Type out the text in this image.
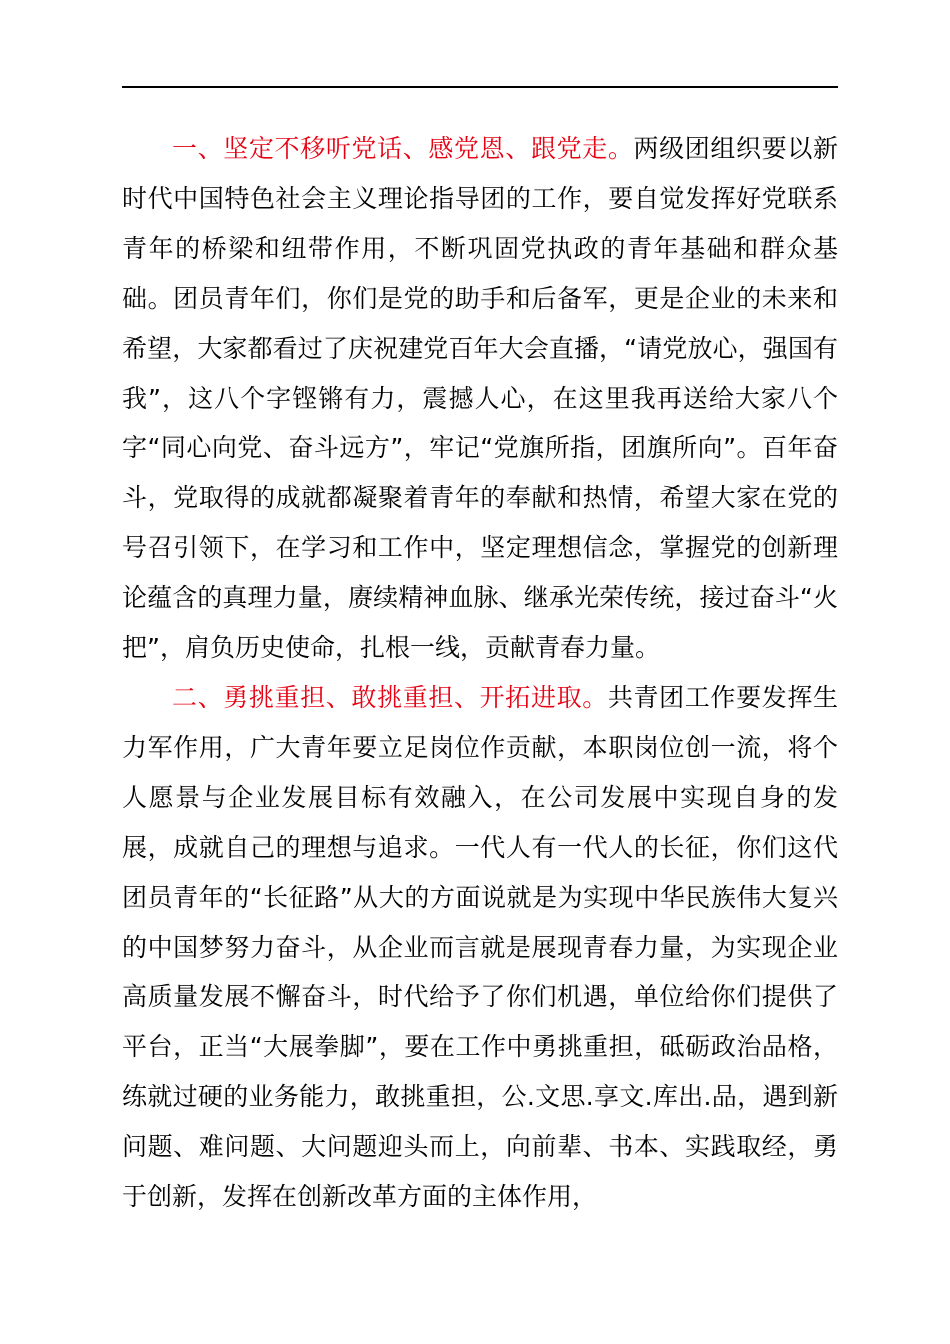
一、坚定不移听党话、感党恩、跟党走。两级团组织要以新时代中国特色社会主义理论指导团的工作，要自觉发挥好党联系青年的桥梁和纽带作用，不断巩固党执政的青年基础和群众基础。团员青年们，你们是党的助手和后备军，更是企业的未来和希望，大家都看过了庆祝建党百年大会直播，“请党放心，强国有我”，这八个字铿锵有力，震撼人心，在这里我再送给大家八个字“同心向党、奋斗远方”，牢记“党旗所指，团旗所向”。百年奋斗，党取得的成就都凝聚着青年的奉献和热情，希望大家在党的号召引领下，在学习和工作中，坚定理想信念，掌握党的创新理论蕴含的真理力量，赓续精神血脉、继承光荣传统，接过奋斗“火把”，肩负历史使命，扎根一线，贡献青春力量。

二、勇挑重担、敢挑重担、开拓进取。共青团工作要发挥生力军作用，广大青年要立足岗位作贡献，本职岗位创一流，将个人愿景与企业发展目标有效融入，在公司发展中实现自身的发展，成就自己的理想与追求。一代人有一代人的长征，你们这代团员青年的“长征路”从大的方面说就是为实现中华民族伟大复兴的中国梦努力奋斗，从企业而言就是展现青春力量，为实现企业高质量发展不懈奋斗，时代给予了你们机遇，单位给你们提供了平台，正当“大展拳脚”，要在工作中勇挑重担，砥砺政治品格，练就过硬的业务能力，敢挑重担，公.文思.享文.库出.品，遇到新问题、难问题、大问题迎头而上，向前辈、书本、实践取经，勇于创新，发挥在创新改革方面的主体作用，
